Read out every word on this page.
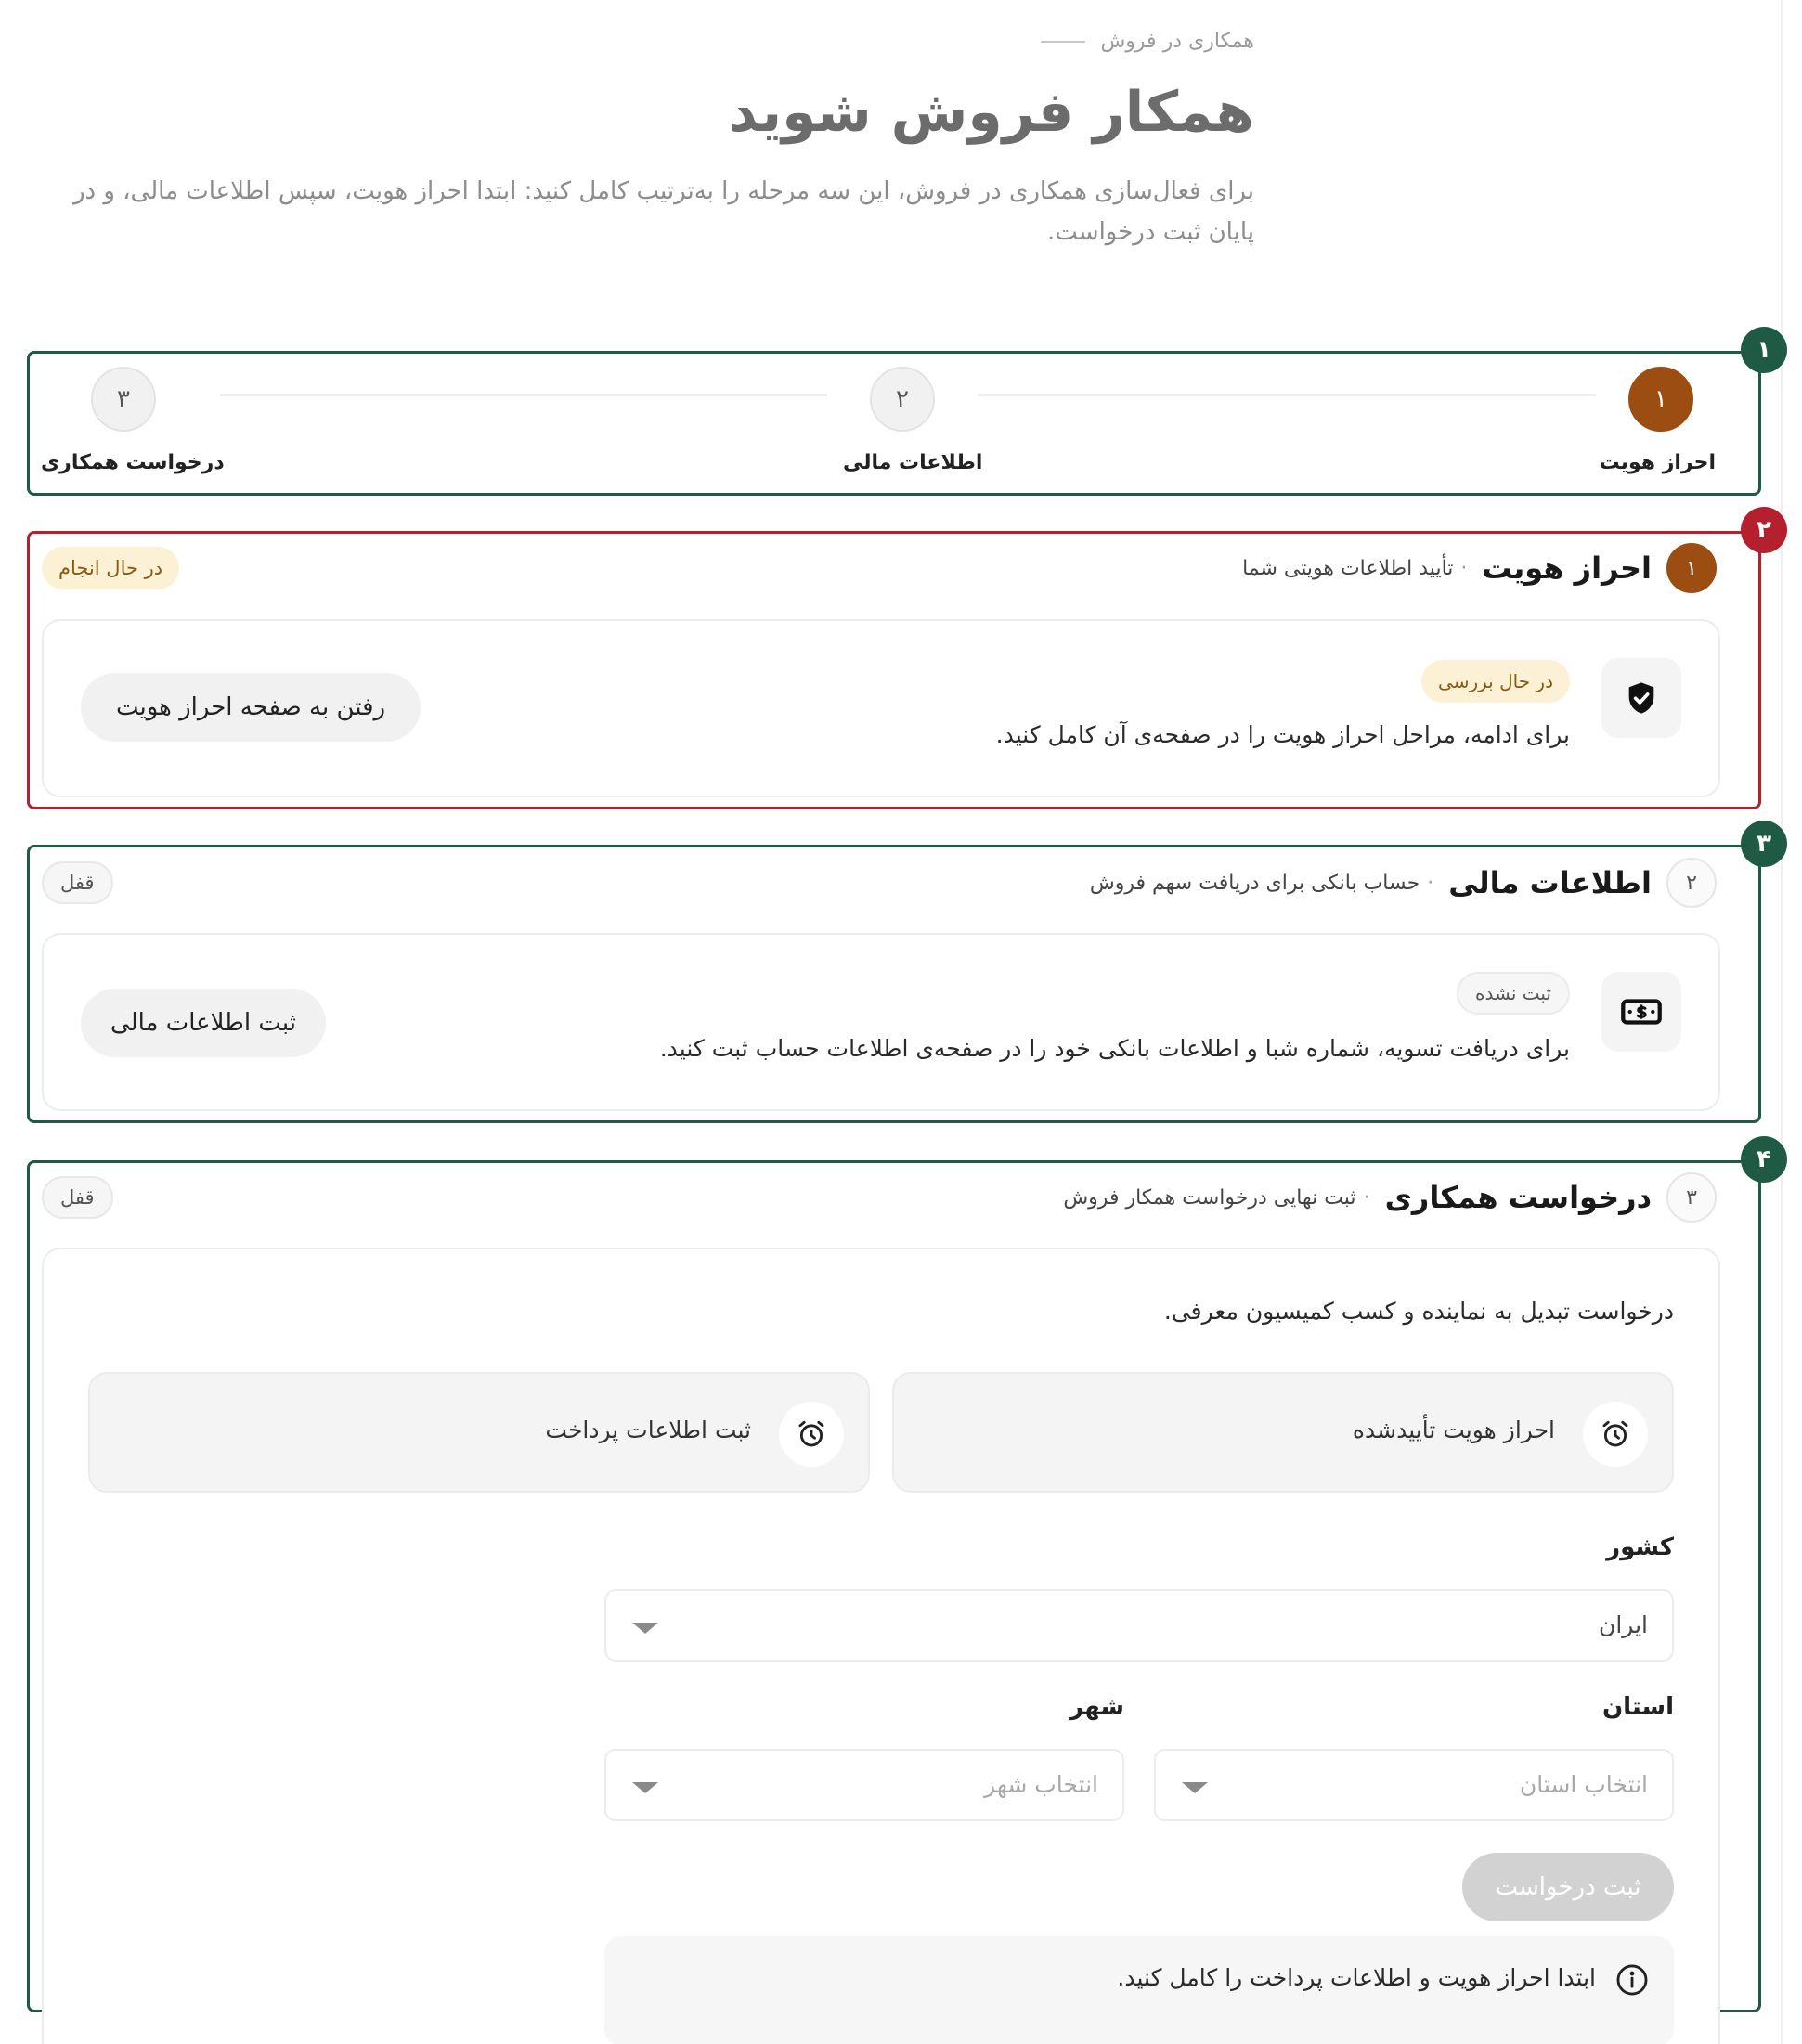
همکاری در فروش
همکار فروش شوید
برای فعال‌سازی همکاری در فروش، این سه مرحله را به‌ترتیب کامل کنید: ابتدا احراز هویت، سپس اطلاعات مالی، و در پایان ثبت درخواست.
۱
۱
احراز هویت
۲
اطلاعات مالی
۳
درخواست همکاری
۲
۱
احراز هویت
· تأیید اطلاعات هویتی شما
در حال انجام
در حال بررسی
برای ادامه، مراحل احراز هویت را در صفحه‌ی آن کامل کنید.
رفتن به صفحه احراز هویت
۳
۲
اطلاعات مالی
· حساب بانکی برای دریافت سهم فروش
قفل
ثبت نشده
برای دریافت تسویه، شماره شبا و اطلاعات بانکی خود را در صفحه‌ی اطلاعات حساب ثبت کنید.
ثبت اطلاعات مالی
۴
۳
درخواست همکاری
· ثبت نهایی درخواست همکار فروش
قفل
درخواست تبدیل به نماینده و کسب کمیسیون معرفی.
احراز هویت تأییدشده
ثبت اطلاعات پرداخت
کشور
ایران
استان
انتخاب استان
شهر
انتخاب شهر
ثبت درخواست
ابتدا احراز هویت و اطلاعات پرداخت را کامل کنید.
